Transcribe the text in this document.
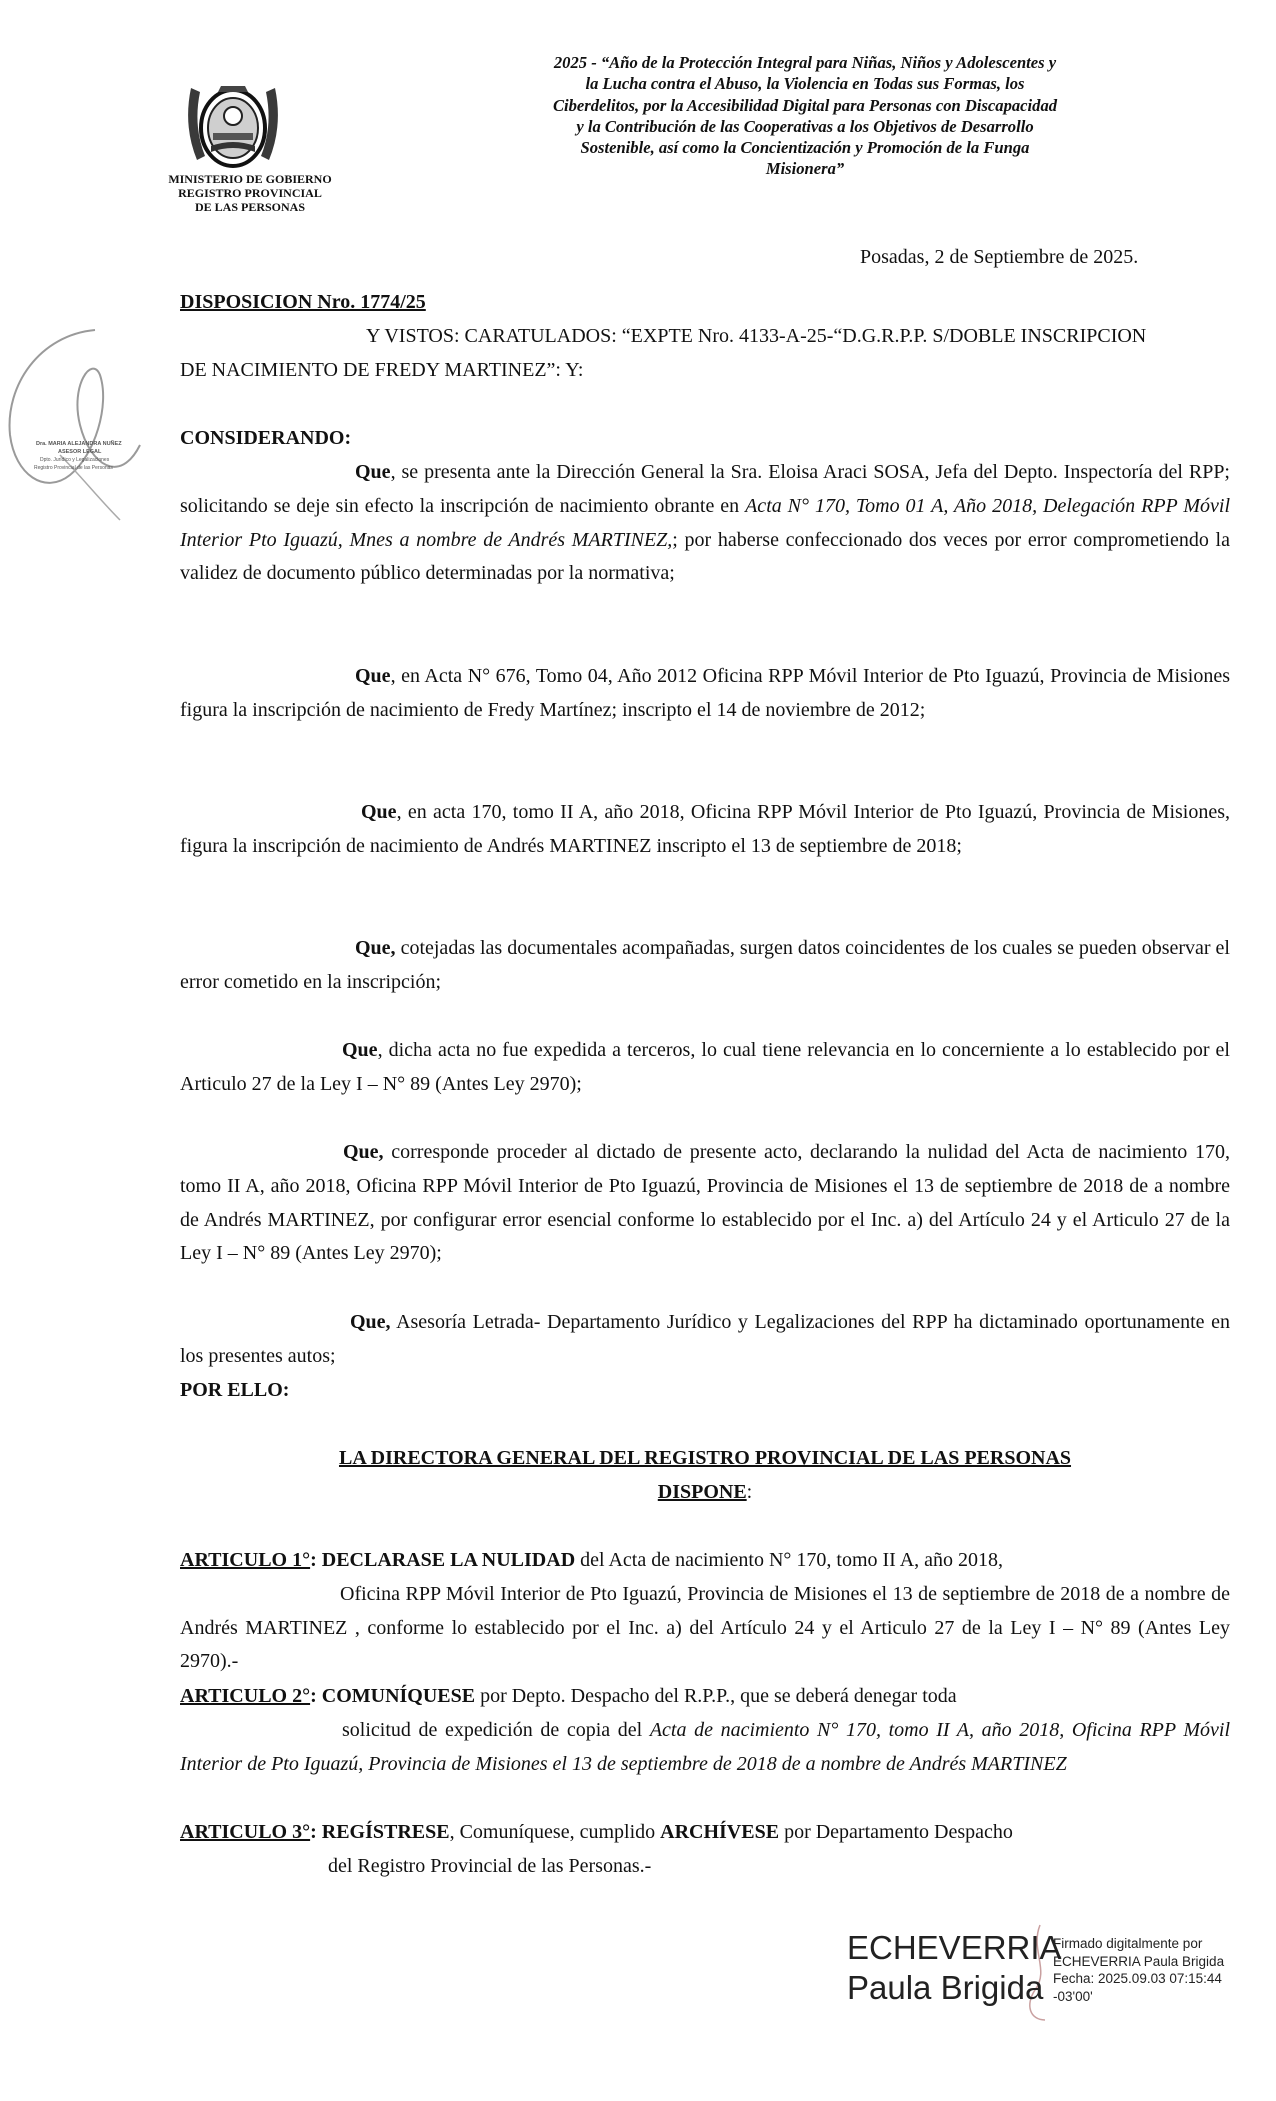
MINISTERIO DE GOBIERNO
REGISTRO PROVINCIAL
DE LAS PERSONAS
2025 - “Año de la Protección Integral para Niñas, Niños y Adolescentes y
la Lucha contra el Abuso, la Violencia en Todas sus Formas, los
Ciberdelitos, por la Accesibilidad Digital para Personas con Discapacidad
y la Contribución de las Cooperativas a los Objetivos de Desarrollo
Sostenible, así como la Concientización y Promoción de la Funga
Misionera”
Posadas, 2 de Septiembre de 2025.
Dra. MARIA ALEJANDRA NUÑEZ
ASESOR LEGAL
Dpto. Jurídico y Legalizaciones
Registro Provincial de las Personas
DISPOSICION Nro. 1774/25
Y VISTOS: CARATULADOS: “EXPTE Nro. 4133-A-25-“D.G.R.P.P. S/DOBLE INSCRIPCION
DE NACIMIENTO DE FREDY MARTINEZ”: Y:
CONSIDERANDO:

Que, se presenta ante la Dirección General la Sra. Eloisa Araci SOSA, Jefa del Depto. Inspectoría del RPP; solicitando se deje sin efecto la inscripción de nacimiento obrante en Acta N° 170, Tomo 01 A, Año 2018, Delegación RPP Móvil Interior Pto Iguazú, Mnes a nombre de Andrés MARTINEZ,; por haberse confeccionado dos veces por error comprometiendo la validez de documento público determinadas por la normativa;

Que, en Acta N° 676, Tomo 04, Año 2012 Oficina RPP Móvil Interior de Pto Iguazú, Provincia de Misiones figura la inscripción de nacimiento de Fredy Martínez; inscripto el 14 de noviembre de 2012;

Que, en acta 170, tomo II A, año 2018, Oficina RPP Móvil Interior de Pto Iguazú, Provincia de Misiones, figura la inscripción de nacimiento de Andrés MARTINEZ inscripto el 13 de septiembre de 2018;

Que, cotejadas las documentales acompañadas, surgen datos coincidentes de los cuales se pueden observar el error cometido en la inscripción;

Que, dicha acta no fue expedida a terceros, lo cual tiene relevancia en lo concerniente a lo establecido por el Articulo 27 de la Ley I – N° 89 (Antes Ley 2970);

Que, corresponde proceder al dictado de presente acto, declarando la nulidad del Acta de nacimiento 170, tomo II A, año 2018, Oficina RPP Móvil Interior de Pto Iguazú, Provincia de Misiones el 13 de septiembre de 2018 de a nombre de Andrés MARTINEZ, por configurar error esencial conforme lo establecido por el Inc. a) del Artículo 24 y el Articulo 27 de la Ley I – N° 89 (Antes Ley 2970);

Que, Asesoría Letrada- Departamento Jurídico y Legalizaciones del RPP ha dictaminado oportunamente en los presentes autos;

POR ELLO:
LA DIRECTORA GENERAL DEL REGISTRO PROVINCIAL DE LAS PERSONAS
DISPONE:
ARTICULO 1°: DECLARASE LA NULIDAD del Acta de nacimiento N° 170, tomo II A, año 2018,

Oficina RPP Móvil Interior de Pto Iguazú, Provincia de Misiones el 13 de septiembre de 2018 de a nombre de Andrés MARTINEZ , conforme lo establecido por el Inc. a) del Artículo 24 y el Articulo 27 de la Ley I – N° 89 (Antes Ley 2970).-

ARTICULO 2°: COMUNÍQUESE por Depto. Despacho del R.P.P., que se deberá denegar toda

solicitud de expedición de copia del Acta de nacimiento N° 170, tomo II A, año 2018, Oficina RPP Móvil Interior de Pto Iguazú, Provincia de Misiones el 13 de septiembre de 2018 de a nombre de Andrés MARTINEZ

ARTICULO 3°: REGÍSTRESE, Comuníquese, cumplido ARCHÍVESE por Departamento Despacho
del Registro Provincial de las Personas.-
ECHEVERRIA
Paula Brigida
Firmado digitalmente por
ECHEVERRIA Paula Brigida
Fecha: 2025.09.03 07:15:44
-03'00'
